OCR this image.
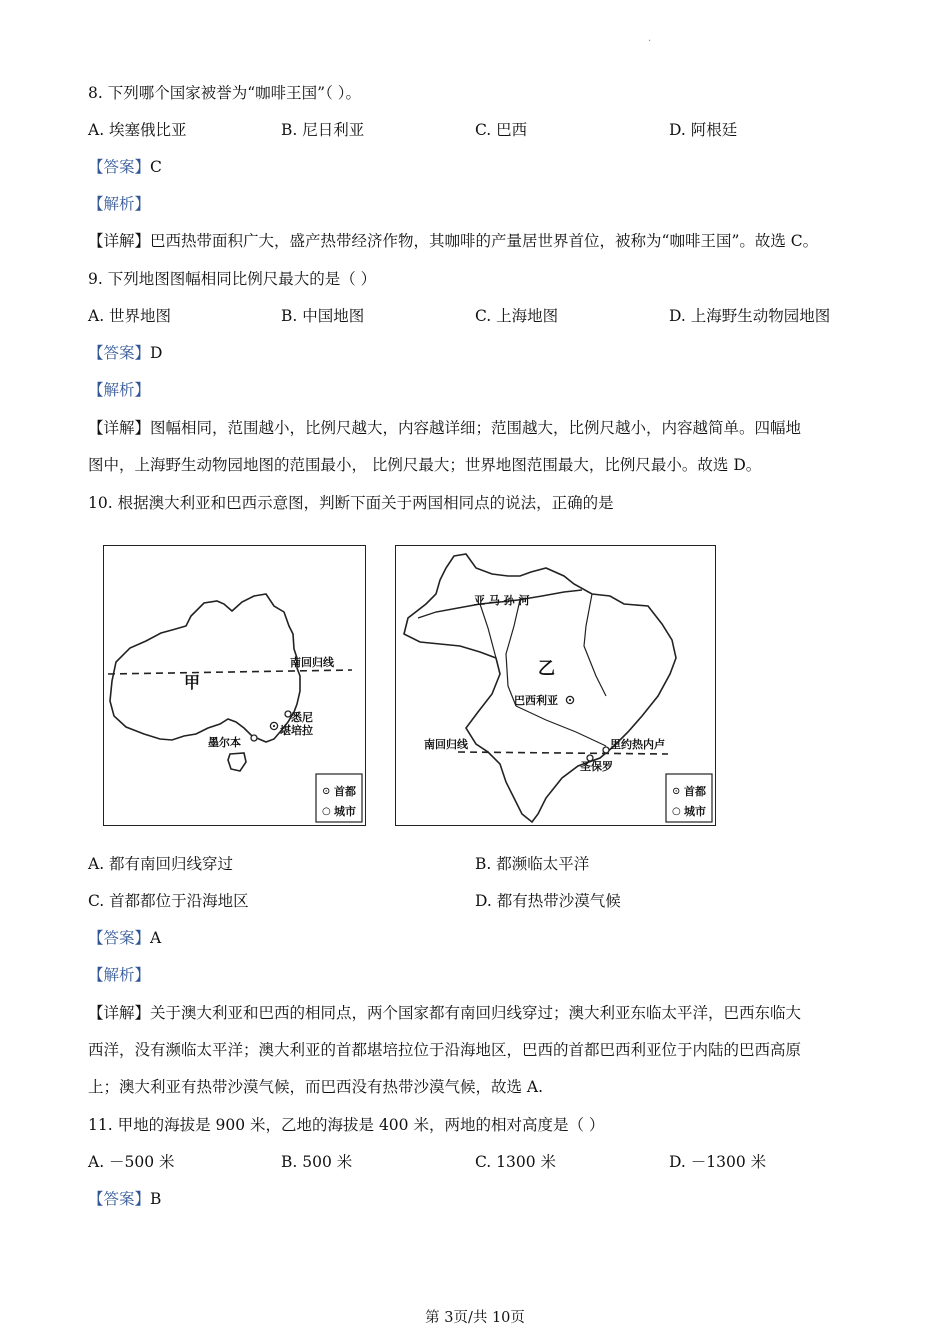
·
8. 下列哪个国家被誉为“咖啡王国”（ ）。
A. 埃塞俄比亚	B. 尼日利亚	C. 巴西	D. 阿根廷
【答案】C
【解析】
【详解】巴西热带面积广大，盛产热带经济作物，其咖啡的产量居世界首位，被称为“咖啡王国”。故选 C。
9. 下列地图图幅相同比例尺最大的是（ ）
A. 世界地图	B. 中国地图	C. 上海地图	D. 上海野生动物园地图
【答案】D
【解析】
【详解】图幅相同，范围越小，比例尺越大，内容越详细；范围越大，比例尺越小，内容越简单。四幅地
图中，上海野生动物园地图的范围最小， 比例尺最大；世界地图范围最大，比例尺最小。故选 D。
10. 根据澳大利亚和巴西示意图，判断下面关于两国相同点的说法，正确的是
甲
南回归线
悉尼
堪培拉
墨尔本
⊙ 首都
○ 城市
亚 马 孙 河
乙
巴西利亚
南回归线	里约热内卢
圣保罗
⊙ 首都
○ 城市
A. 都有南回归线穿过	B. 都濒临太平洋
C. 首都都位于沿海地区	D. 都有热带沙漠气候
【答案】A
【解析】
【详解】关于澳大利亚和巴西的相同点，两个国家都有南回归线穿过；澳大利亚东临太平洋，巴西东临大
西洋，没有濒临太平洋；澳大利亚的首都堪培拉位于沿海地区，巴西的首都巴西利亚位于内陆的巴西高原
上；澳大利亚有热带沙漠气候，而巴西没有热带沙漠气候，故选 A.
11. 甲地的海拔是 900 米，乙地的海拔是 400 米，两地的相对高度是（ ）
A. －500 米	B. 500 米	C. 1300 米	D. －1300 米
【答案】B
第 3页/共 10页
